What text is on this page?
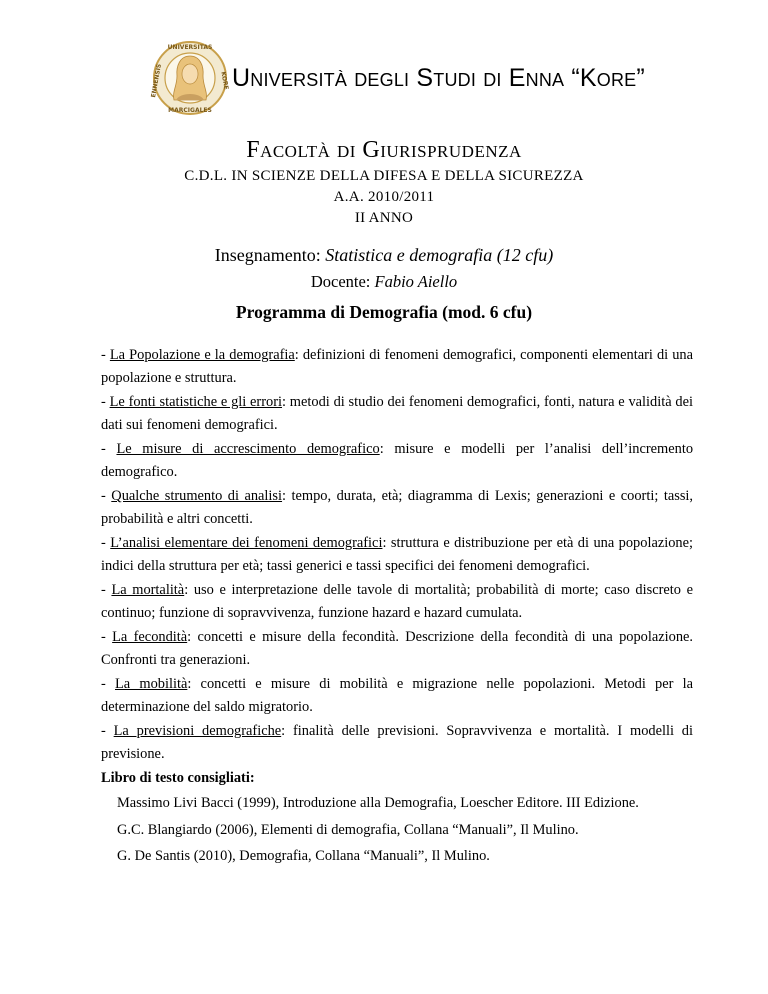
UNIVERSITAS
MARCIGALES
ENNENSIS	KORE Università degli Studi di Enna “Kore”
Facoltà di Giurisprudenza
C.D.L. IN SCIENZE DELLA DIFESA E DELLA SICUREZZA
A.A. 2010/2011
II ANNO
Insegnamento: Statistica e demografia (12 cfu)
Docente: Fabio Aiello
Programma di Demografia (mod. 6 cfu)
- La Popolazione e la demografia: definizioni di fenomeni demografici, componenti elementari di una popolazione e struttura.
- Le fonti statistiche e gli errori: metodi di studio dei fenomeni demografici, fonti, natura e validità dei dati sui fenomeni demografici.
- Le misure di accrescimento demografico: misure e modelli per l’analisi dell’incremento demografico.
- Qualche strumento di analisi: tempo, durata, età; diagramma di Lexis; generazioni e coorti; tassi, probabilità e altri concetti.
- L’analisi elementare dei fenomeni demografici: struttura e distribuzione per età di una popolazione; indici della struttura per età; tassi generici e tassi specifici dei fenomeni demografici.
- La mortalità: uso e interpretazione delle tavole di mortalità; probabilità di morte; caso discreto e continuo; funzione di sopravvivenza, funzione hazard e hazard cumulata.
- La fecondità: concetti e misure della fecondità. Descrizione della fecondità di una popolazione. Confronti tra generazioni.
- La mobilità: concetti e misure di mobilità e migrazione nelle popolazioni. Metodi per la determinazione del saldo migratorio.
- La previsioni demografiche: finalità delle previsioni. Sopravvivenza e mortalità. I modelli di previsione.
Libro di testo consigliati:
Massimo Livi Bacci (1999), Introduzione alla Demografia, Loescher Editore. III Edizione.
G.C. Blangiardo (2006), Elementi di demografia, Collana “Manuali”, Il Mulino.
G. De Santis (2010), Demografia, Collana “Manuali”, Il Mulino.
